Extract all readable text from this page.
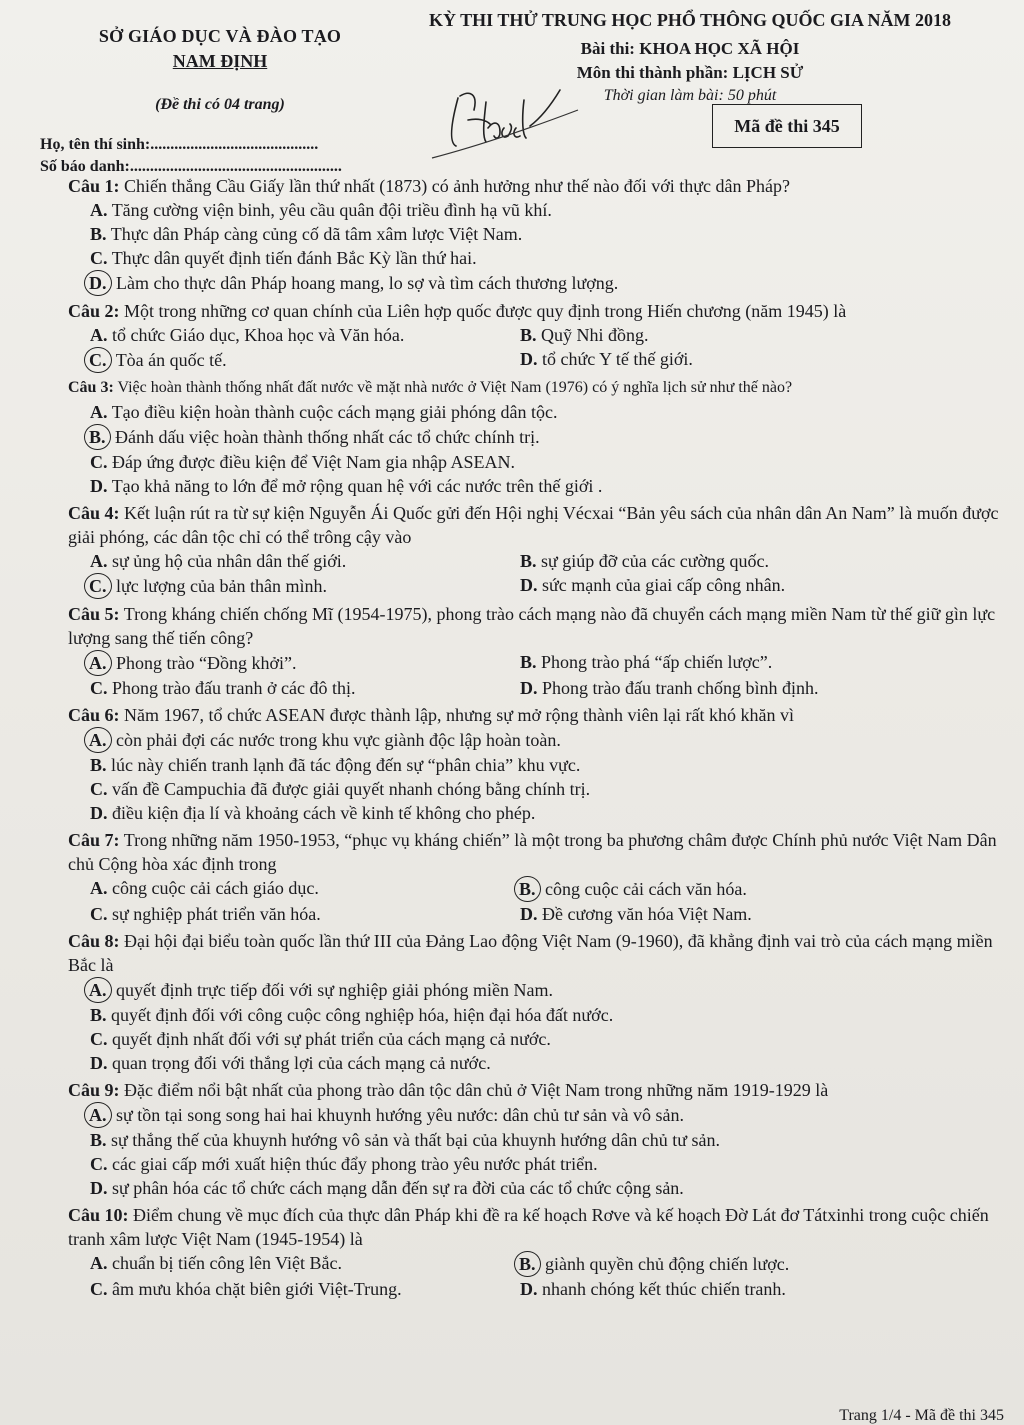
SỞ GIÁO DỤC VÀ ĐÀO TẠO
NAM ĐỊNH
(Đề thi có 04 trang)
KỲ THI THỬ TRUNG HỌC PHỔ THÔNG QUỐC GIA NĂM 2018
Bài thi: KHOA HỌC XÃ HỘI
Môn thi thành phần: LỊCH SỬ
Thời gian làm bài: 50 phút
Mã đề thi 345
Họ, tên thí sinh:..........................................
Số báo danh:.....................................................
Câu 1: Chiến thắng Cầu Giấy lần thứ nhất (1873) có ảnh hưởng như thế nào đối với thực dân Pháp?
A. Tăng cường viện binh, yêu cầu quân đội triều đình hạ vũ khí.
B. Thực dân Pháp càng củng cố dã tâm xâm lược Việt Nam.
C. Thực dân quyết định tiến đánh Bắc Kỳ lần thứ hai.
D. Làm cho thực dân Pháp hoang mang, lo sợ và tìm cách thương lượng.
Câu 2: Một trong những cơ quan chính của Liên hợp quốc được quy định trong Hiến chương (năm 1945) là
A. tổ chức Giáo dục, Khoa học và Văn hóa.	B. Quỹ Nhi đồng.
C. Tòa án quốc tế.	D. tổ chức Y tế thế giới.
Câu 3: Việc hoàn thành thống nhất đất nước về mặt nhà nước ở Việt Nam (1976) có ý nghĩa lịch sử như thế nào?
A. Tạo điều kiện hoàn thành cuộc cách mạng giải phóng dân tộc.
B. Đánh dấu việc hoàn thành thống nhất các tổ chức chính trị.
C. Đáp ứng được điều kiện để Việt Nam gia nhập ASEAN.
D. Tạo khả năng to lớn để mở rộng quan hệ với các nước trên thế giới .
Câu 4: Kết luận rút ra từ sự kiện Nguyễn Ái Quốc gửi đến Hội nghị Vécxai “Bản yêu sách của nhân dân An Nam” là muốn được giải phóng, các dân tộc chỉ có thể trông cậy vào
A. sự ủng hộ của nhân dân thế giới.	B. sự giúp đỡ của các cường quốc.
C. lực lượng của bản thân mình.	D. sức mạnh của giai cấp công nhân.
Câu 5: Trong kháng chiến chống Mĩ (1954-1975), phong trào cách mạng nào đã chuyển cách mạng miền Nam từ thế giữ gìn lực lượng sang thế tiến công?
A. Phong trào “Đồng khởi”.	B. Phong trào phá “ấp chiến lược”.
C. Phong trào đấu tranh ở các đô thị.	D. Phong trào đấu tranh chống bình định.
Câu 6: Năm 1967, tổ chức ASEAN được thành lập, nhưng sự mở rộng thành viên lại rất khó khăn vì
A. còn phải đợi các nước trong khu vực giành độc lập hoàn toàn.
B. lúc này chiến tranh lạnh đã tác động đến sự “phân chia” khu vực.
C. vấn đề Campuchia đã được giải quyết nhanh chóng bằng chính trị.
D. điều kiện địa lí và khoảng cách về kinh tế không cho phép.
Câu 7: Trong những năm 1950-1953, “phục vụ kháng chiến” là một trong ba phương châm được Chính phủ nước Việt Nam Dân chủ Cộng hòa xác định trong
A. công cuộc cải cách giáo dục.	B. công cuộc cải cách văn hóa.
C. sự nghiệp phát triển văn hóa.	D. Đề cương văn hóa Việt Nam.
Câu 8: Đại hội đại biểu toàn quốc lần thứ III của Đảng Lao động Việt Nam (9-1960), đã khẳng định vai trò của cách mạng miền Bắc là
A. quyết định trực tiếp đối với sự nghiệp giải phóng miền Nam.
B. quyết định đối với công cuộc công nghiệp hóa, hiện đại hóa đất nước.
C. quyết định nhất đối với sự phát triển của cách mạng cả nước.
D. quan trọng đối với thắng lợi của cách mạng cả nước.
Câu 9: Đặc điểm nổi bật nhất của phong trào dân tộc dân chủ ở Việt Nam trong những năm 1919-1929 là
A. sự tồn tại song song hai hai khuynh hướng yêu nước: dân chủ tư sản và vô sản.
B. sự thắng thế của khuynh hướng vô sản và thất bại của khuynh hướng dân chủ tư sản.
C. các giai cấp mới xuất hiện thúc đẩy phong trào yêu nước phát triển.
D. sự phân hóa các tổ chức cách mạng dẫn đến sự ra đời của các tổ chức cộng sản.
Câu 10: Điểm chung về mục đích của thực dân Pháp khi đề ra kế hoạch Rơve và kế hoạch Đờ Lát đơ Tátxinhi trong cuộc chiến tranh xâm lược Việt Nam (1945-1954) là
A. chuẩn bị tiến công lên Việt Bắc.	B. giành quyền chủ động chiến lược.
C. âm mưu khóa chặt biên giới Việt-Trung.	D. nhanh chóng kết thúc chiến tranh.
Trang 1/4 - Mã đề thi 345
